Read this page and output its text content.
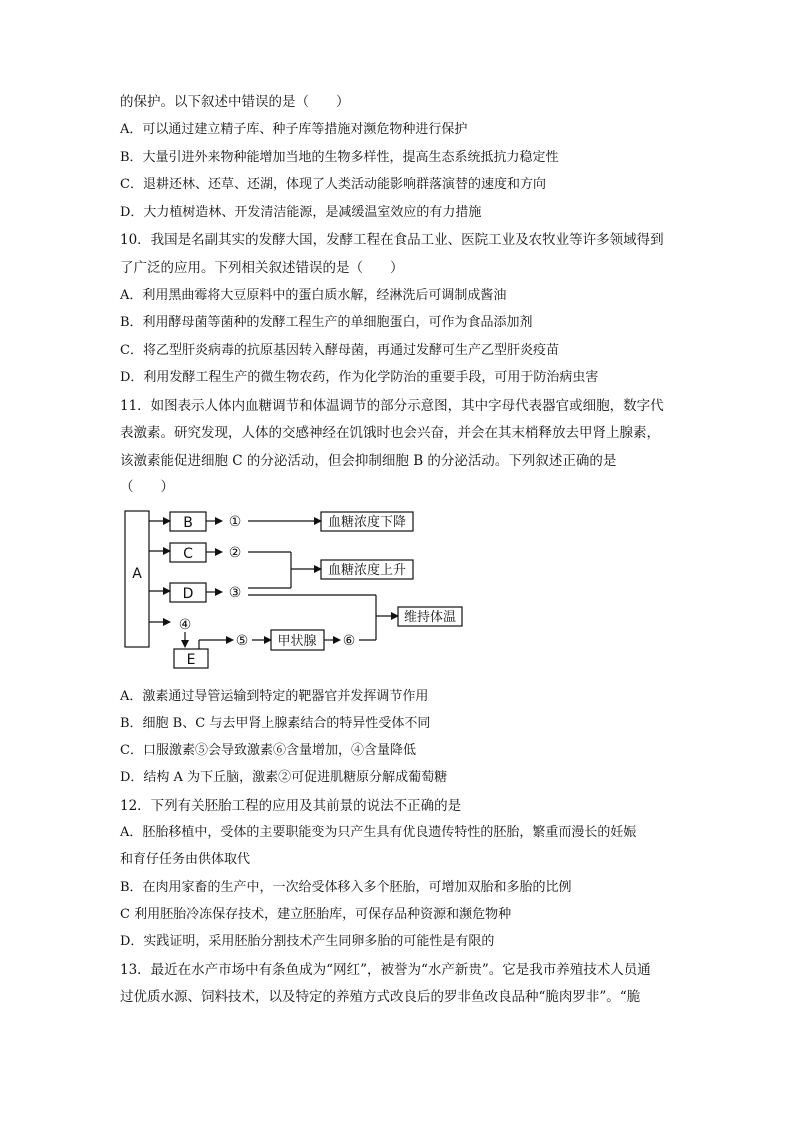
的保护。以下叙述中错误的是（　　）
A．可以通过建立精子库、种子库等措施对濒危物种进行保护
B．大量引进外来物种能增加当地的生物多样性，提高生态系统抵抗力稳定性
C．退耕还林、还草、还湖，体现了人类活动能影响群落演替的速度和方向
D．大力植树造林、开发清洁能源，是减缓温室效应的有力措施
10．我国是名副其实的发酵大国，发酵工程在食品工业、医院工业及农牧业等许多领域得到
了广泛的应用。下列相关叙述错误的是（　　）
A．利用黑曲霉将大豆原料中的蛋白质水解，经淋洗后可调制成酱油
B．利用酵母菌等菌种的发酵工程生产的单细胞蛋白，可作为食品添加剂
C．将乙型肝炎病毒的抗原基因转入酵母菌，再通过发酵可生产乙型肝炎疫苗
D．利用发酵工程生产的微生物农药，作为化学防治的重要手段，可用于防治病虫害
11．如图表示人体内血糖调节和体温调节的部分示意图，其中字母代表器官或细胞，数字代
表激素。研究发现，人体的交感神经在饥饿时也会兴奋，并会在其末梢释放去甲肾上腺素，
该激素能促进细胞 C 的分泌活动，但会抑制细胞 B 的分泌活动。下列叙述正确的是
（　　）
A
B
C
D
E
①
②
③
④
⑤	⑥
血糖浓度下降
血糖浓度上升
维持体温
甲状腺
A．激素通过导管运输到特定的靶器官并发挥调节作用
B．细胞 B、C 与去甲肾上腺素结合的特异性受体不同
C．口服激素⑤会导致激素⑥含量增加，④含量降低
D．结构 A 为下丘脑，激素②可促进肌糖原分解成葡萄糖
12．下列有关胚胎工程的应用及其前景的说法不正确的是
A．胚胎移植中，受体的主要职能变为只产生具有优良遗传特性的胚胎，繁重而漫长的妊娠
和育仔任务由供体取代
B．在肉用家畜的生产中，一次给受体移入多个胚胎，可增加双胎和多胎的比例
C 利用胚胎冷冻保存技术，建立胚胎库，可保存品种资源和濒危物种
D．实践证明，采用胚胎分割技术产生同卵多胎的可能性是有限的
13．最近在水产市场中有条鱼成为“网红”，被誉为“水产新贵”。它是我市养殖技术人员通
过优质水源、饲料技术，以及特定的养殖方式改良后的罗非鱼改良品种“脆肉罗非”。“脆
